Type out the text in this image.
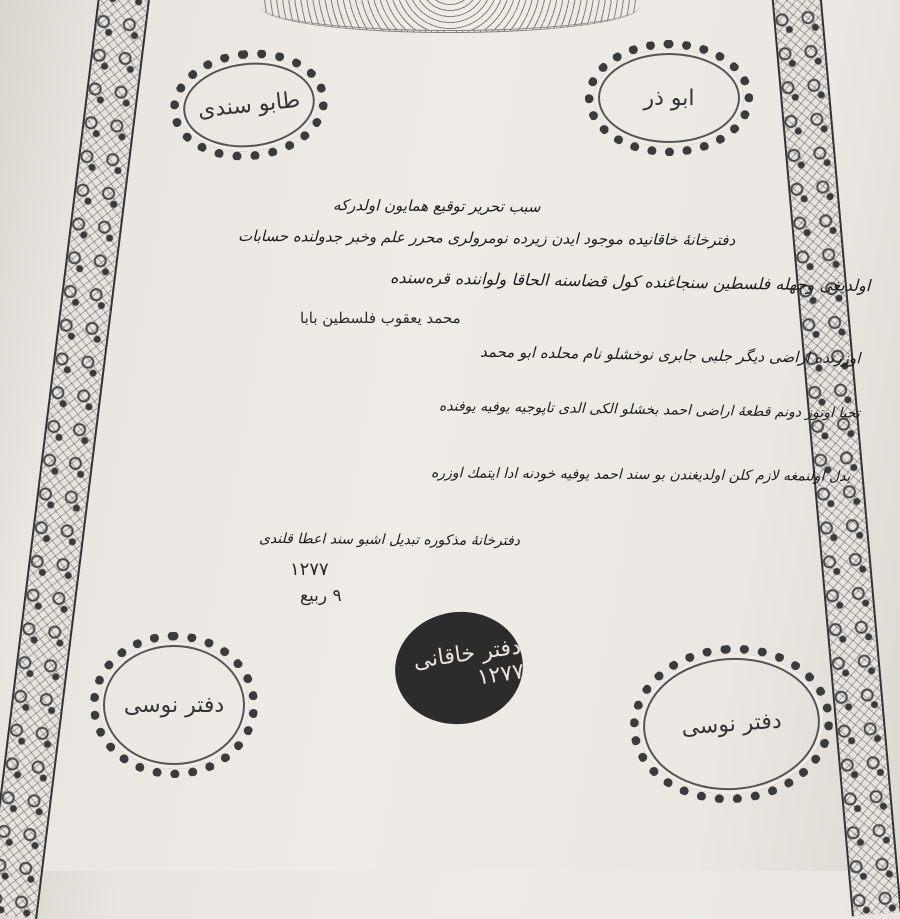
طابو سندی	ابو ذر
دفتر خاقانی ۱۲۷۷
دفتر نوسی
دفتر نوسی
سبب تحریر توقیع همایون اولدرکه
دفترخانهٔ خاقانیده موجود ایدن زیرده نومرولری محرر علم وخبر جدولنده حسابات
اولدیغی وجهله فلسطین سنجاغنده کول قضاسنه الحاقا ولواننده قره‌سنده
اوزرنده اراضی دیگر جلبی جابری نوخشلو نام محلده ابو محمد
تحیا اوتوز دونم قطعهٔ اراضی احمد بخشلو الکی الدی تاپوجیه یوفیه یوفنده
بدل اولنمغه لازم کلن اولدیغندن بو سند احمد یوفیه خودنه ادا ایتمك اوزره
دفترخانهٔ مذکوره تبدیل اشبو سند اعطا قلندی
محمد یعقوب فلسطین بابا
۱۲۷۷
۹ ربیع
